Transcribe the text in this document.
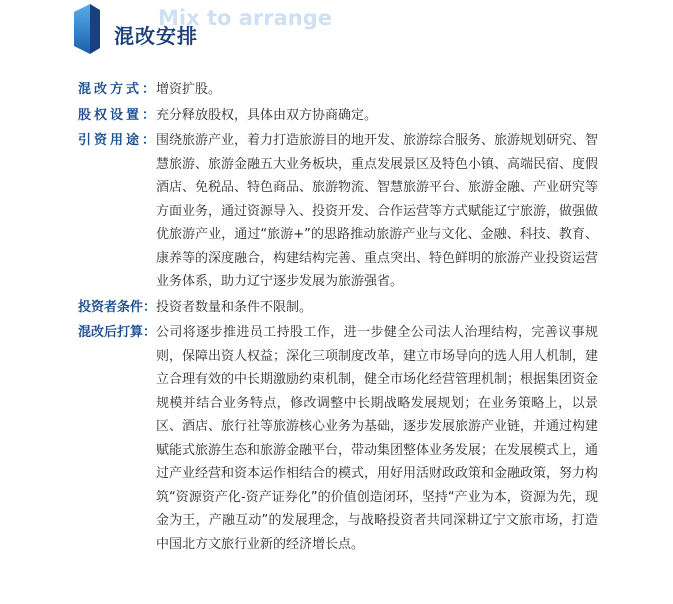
Mix to arrange
混改安排
混改方式：
增资扩股。
股权设置：
充分释放股权，具体由双方协商确定。
引资用途：
围绕旅游产业，着力打造旅游目的地开发、旅游综合服务、旅游规划研究、智慧旅游、旅游金融五大业务板块，重点发展景区及特色小镇、高端民宿、度假酒店、免税品、特色商品、旅游物流、智慧旅游平台、旅游金融、产业研究等方面业务，通过资源导入、投资开发、合作运营等方式赋能辽宁旅游，做强做优旅游产业，通过“旅游+”的思路推动旅游产业与文化、金融、科技、教育、康养等的深度融合，构建结构完善、重点突出、特色鲜明的旅游产业投资运营业务体系，助力辽宁逐步发展为旅游强省。
投资者条件： 投资者数量和条件不限制。
混改后打算： 公司将逐步推进员工持股工作，进一步健全公司法人治理结构，完善议事规则，保障出资人权益；深化三项制度改革，建立市场导向的选人用人机制，建立合理有效的中长期激励约束机制，健全市场化经营管理机制；根据集团资金规模并结合业务特点，修改调整中长期战略发展规划；在业务策略上，以景区、酒店、旅行社等旅游核心业务为基础，逐步发展旅游产业链，并通过构建赋能式旅游生态和旅游金融平台，带动集团整体业务发展；在发展模式上，通过产业经营和资本运作相结合的模式，用好用活财政政策和金融政策，努力构筑“资源资产化-资产证券化”的价值创造闭环，坚持“产业为本，资源为先，现金为王，产融互动”的发展理念，与战略投资者共同深耕辽宁文旅市场，打造中国北方文旅行业新的经济增长点。
